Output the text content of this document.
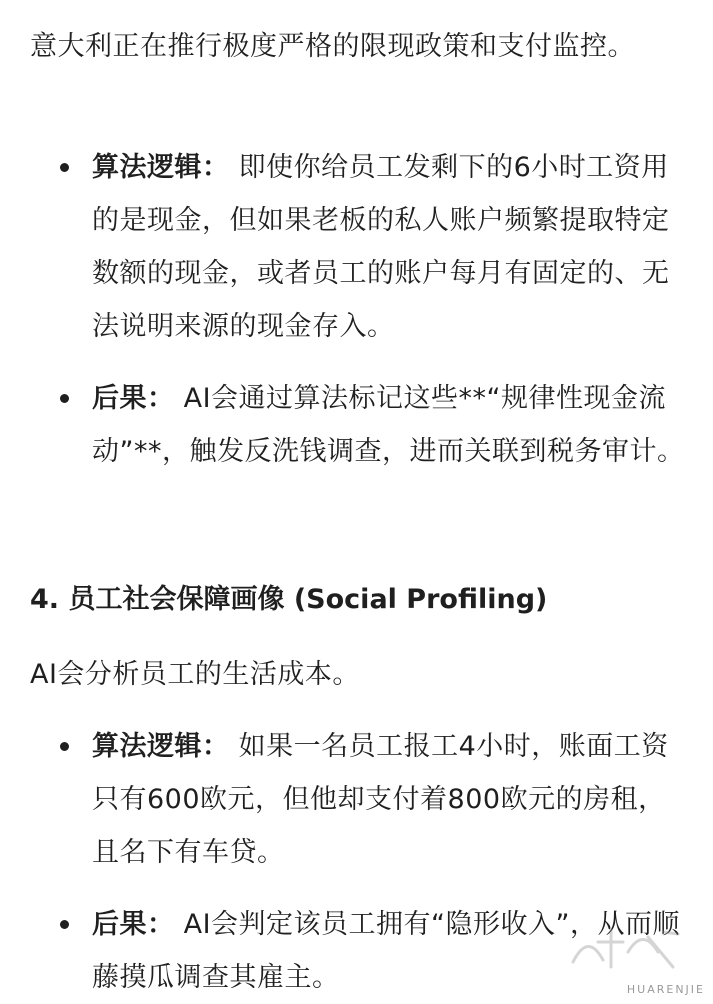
意大利正在推行极度严格的限现政策和支付监控。

算法逻辑： 即使你给员工发剩下的6小时工资用的是现金，但如果老板的私人账户频繁提取特定数额的现金，或者员工的账户每月有固定的、无法说明来源的现金存入。
后果： AI会通过算法标记这些**“规律性现金流动”**，触发反洗钱调查，进而关联到税务审计。
4. 员工社会保障画像 (Social Profiling)

AI会分析员工的生活成本。

算法逻辑： 如果一名员工报工4小时，账面工资只有600欧元，但他却支付着800欧元的房租，且名下有车贷。
后果： AI会判定该员工拥有“隐形收入”，从而顺藤摸瓜调查其雇主。	HUARENJIE
